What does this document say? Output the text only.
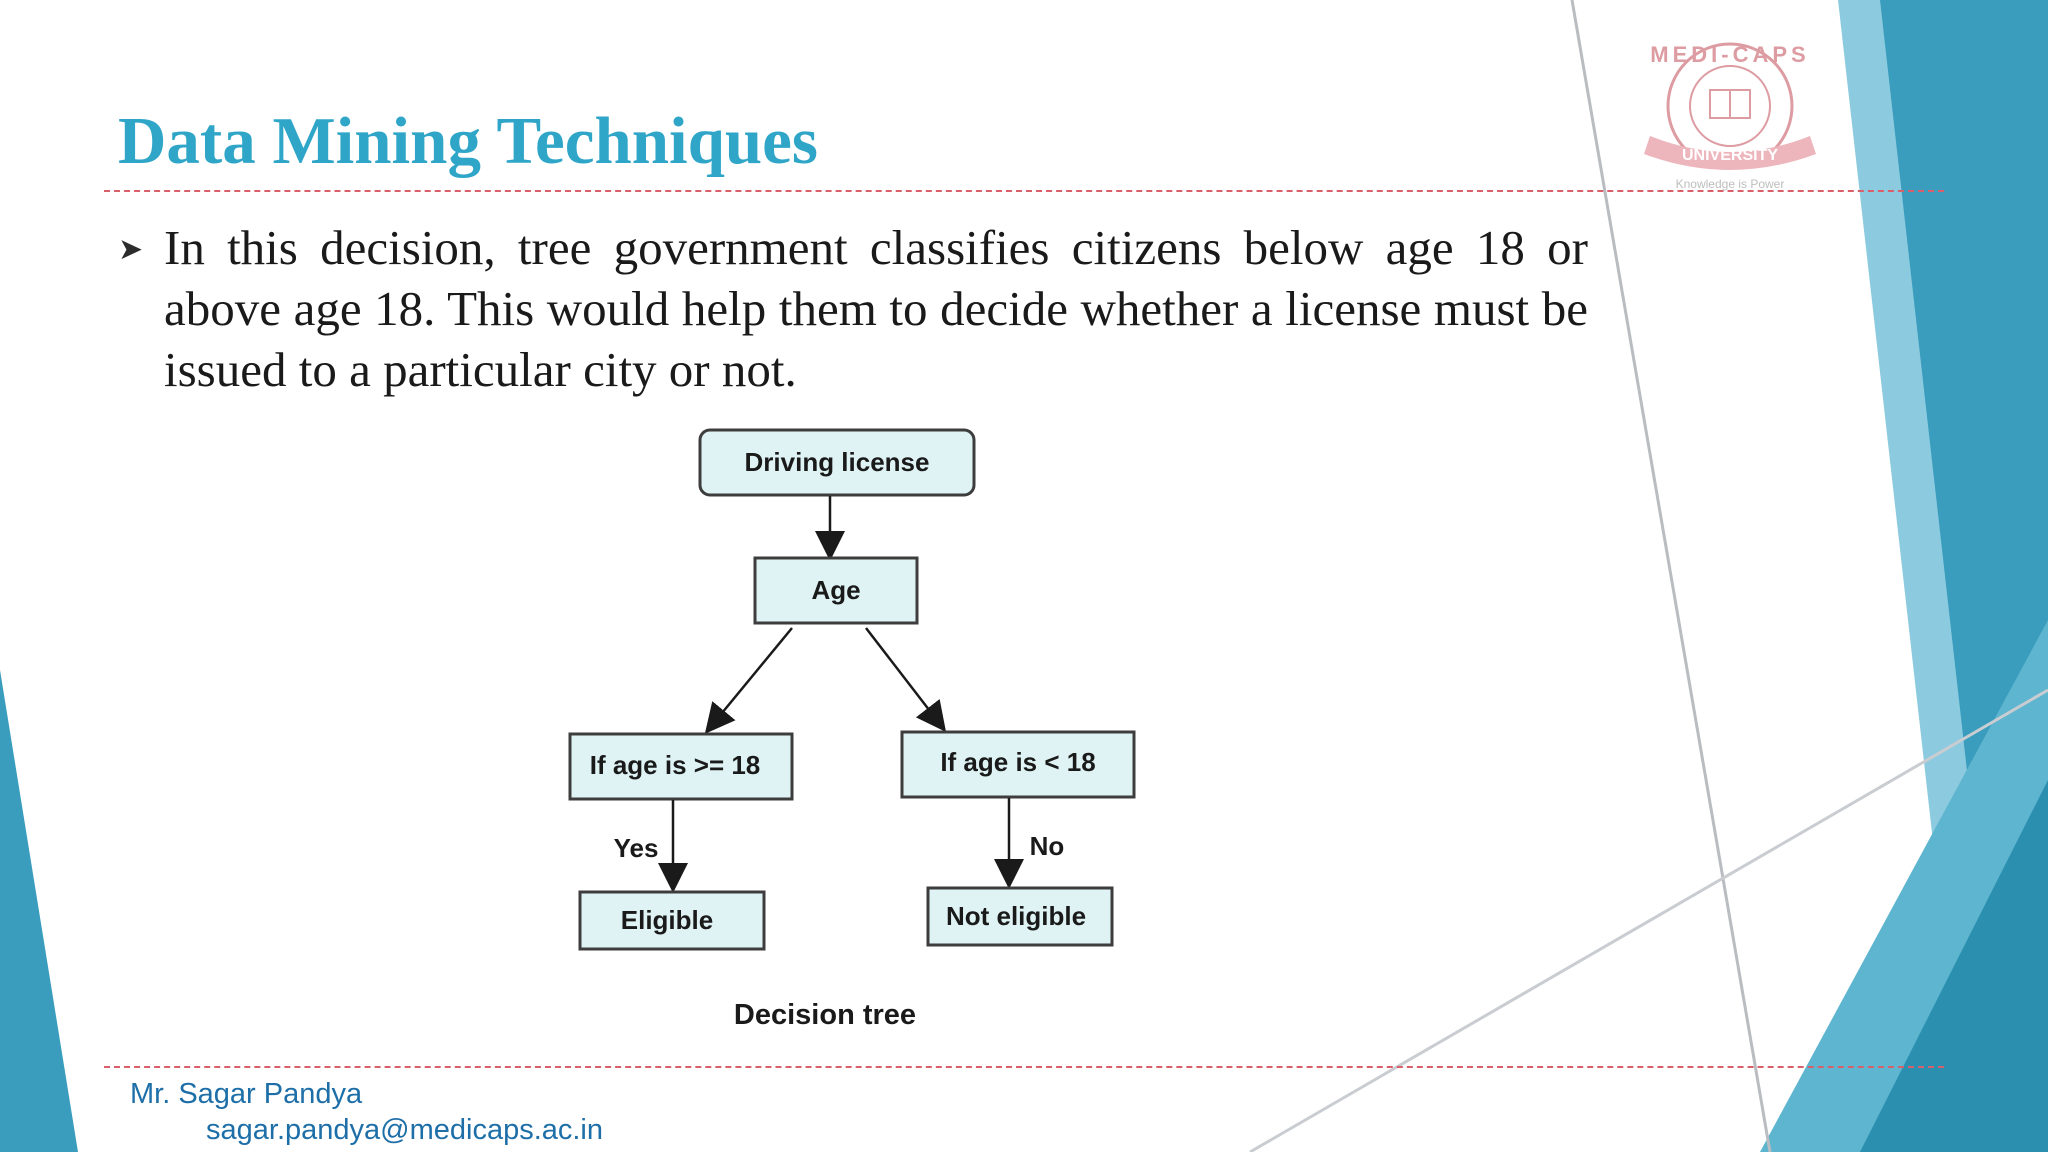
MEDI-CAPS
UNIVERSITY
Knowledge is Power
Data Mining Techniques
➤ In this decision, tree government classifies citizens below age 18 or above age 18. This would help them to decide whether a license must be issued to a particular city or not.
Driving license
Age
If age is >= 18	If age is < 18
Yes	No
Eligible	Not eligible
Decision tree
Mr. Sagar Pandya
sagar.pandya@medicaps.ac.in
